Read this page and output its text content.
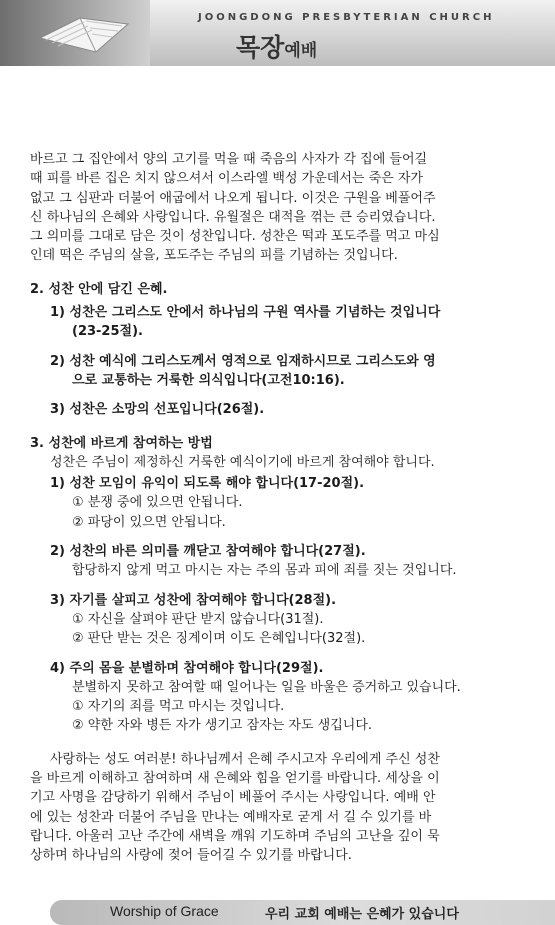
JOONGDONG PRESBYTERIAN CHURCH
목장예배

바르고 그 집안에서 양의 고기를 먹을 때 죽음의 사자가 각 집에 들어길

때 피를 바른 집은 치지 않으셔서 이스라엘 백성 가운데서는 죽은 자가

없고 그 심판과 더불어 애굽에서 나오게 됩니다. 이것은 구원을 베풀어주

신 하나님의 은혜와 사랑입니다. 유월절은 대적을 꺾는 큰 승리였습니다.

그 의미를 그대로 담은 것이 성찬입니다. 성찬은 떡과 포도주를 먹고 마심

인데 떡은 주님의 살을, 포도주는 주님의 피를 기념하는 것입니다.

2. 성찬 안에 담긴 은혜.

1) 성찬은 그리스도 안에서 하나님의 구원 역사를 기념하는 것입니다

(23-25절).

2) 성찬 예식에 그리스도께서 영적으로 임재하시므로 그리스도와 영

으로 교통하는 거룩한 의식입니다(고전10:16).

3) 성찬은 소망의 선포입니다(26절).

3. 성찬에 바르게 참여하는 방법

성찬은 주님이 제정하신 거룩한 예식이기에 바르게 참여해야 합니다.

1) 성찬 모임이 유익이 되도록 해야 합니다(17-20절).

① 분쟁 중에 있으면 안됩니다.

② 파당이 있으면 안됩니다.

2) 성찬의 바른 의미를 깨닫고 참여해야 합니다(27절).

합당하지 않게 먹고 마시는 자는 주의 몸과 피에 죄를 짓는 것입니다.

3) 자기를 살피고 성찬에 참여해야 합니다(28절).

① 자신을 살펴야 판단 받지 않습니다(31절).

② 판단 받는 것은 징계이며 이도 은혜입니다(32절).

4) 주의 몸을 분별하며 참여해야 합니다(29절).

분별하지 못하고 참여할 때 일어나는 일을 바울은 증거하고 있습니다.

① 자기의 죄를 먹고 마시는 것입니다.

② 약한 자와 병든 자가 생기고 잠자는 자도 생깁니다.

사랑하는 성도 여러분! 하나님께서 은혜 주시고자 우리에게 주신 성찬

을 바르게 이해하고 참여하며 새 은혜와 힘을 얻기를 바랍니다. 세상을 이

기고 사명을 감당하기 위해서 주님이 베풀어 주시는 사랑입니다. 예배 안

에 있는 성찬과 더불어 주님을 만나는 예배자로 굳게 서 길 수 있기를 바

랍니다. 아울러 고난 주간에 새벽을 깨워 기도하며 주님의 고난을 깊이 묵

상하며 하나님의 사랑에 젖어 들어길 수 있기를 바랍니다.

Worship of Grace	우리 교회 예배는 은혜가 있습니다
